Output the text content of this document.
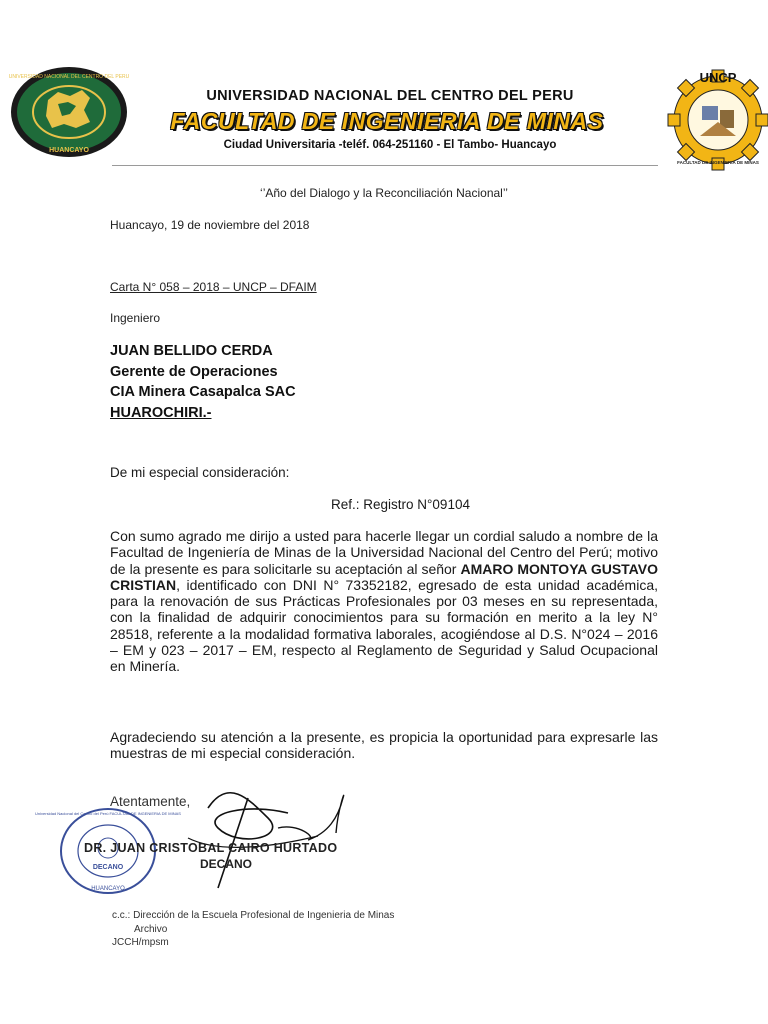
HUANCAYO
UNIVERSIDAD NACIONAL DEL CENTRO DEL PERU	UNCP
FACULTAD DE INGENIERIA DE MINAS
UNIVERSIDAD NACIONAL DEL CENTRO DEL PERU
FACULTAD DE INGENIERIA DE MINAS
Ciudad Universitaria -teléf. 064-251160 - El Tambo- Huancayo
‘’Año del Dialogo y la Reconciliación Nacional’’
Huancayo, 19 de noviembre del 2018
Carta N° 058 – 2018 – UNCP – DFAIM
Ingeniero
JUAN BELLIDO CERDA
Gerente de Operaciones
CIA Minera Casapalca SAC
HUAROCHIRI.-
De mi especial consideración:
Ref.: Registro N°09104
Con sumo agrado me dirijo a usted para hacerle llegar un cordial saludo a nombre de la Facultad de Ingeniería de Minas de la Universidad Nacional del Centro del Perú; motivo de la presente es para solicitarle su aceptación al señor AMARO MONTOYA GUSTAVO CRISTIAN, identificado con DNI N° 73352182, egresado de esta unidad académica, para la renovación de sus Prácticas Profesionales por 03 meses en su representada, con la finalidad de adquirir conocimientos para su formación en merito a la ley N° 28518, referente a la modalidad formativa laborales, acogiéndose al D.S. N°024 – 2016 – EM y 023 – 2017 – EM, respecto al Reglamento de Seguridad y Salud Ocupacional en Minería.
Agradeciendo su atención a la presente, es propicia la oportunidad para expresarle las muestras de mi especial consideración.
Universidad Nacional del Centro del Perú FACULTAD DE INGENIERIA DE MINAS
DECANO
HUANCAYO
Atentamente,
DR. JUAN CRISTOBAL CAIRO HURTADO
DECANO
c.c.: Dirección de la Escuela Profesional de Ingenieria de Minas
Archivo
JCCH/mpsm
